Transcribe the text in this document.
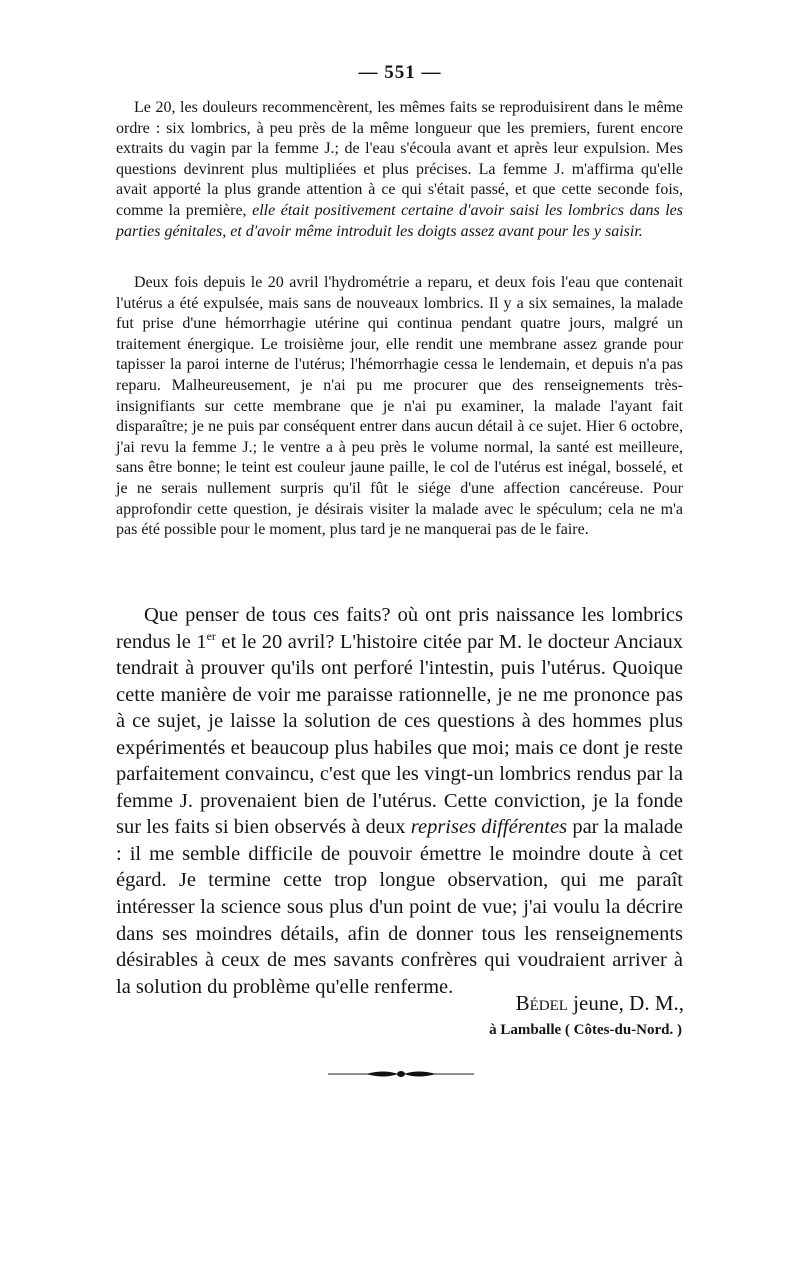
— 551 —

Le 20, les douleurs recommencèrent, les mêmes faits se reproduisirent dans le même ordre : six lombrics, à peu près de la même longueur que les premiers, furent encore extraits du vagin par la femme J.; de l'eau s'écoula avant et après leur expulsion. Mes questions devinrent plus multipliées et plus précises. La femme J. m'affirma qu'elle avait apporté la plus grande attention à ce qui s'était passé, et que cette seconde fois, comme la première, elle était positivement certaine d'avoir saisi les lombrics dans les parties génitales, et d'avoir même introduit les doigts assez avant pour les y saisir.

Deux fois depuis le 20 avril l'hydrométrie a reparu, et deux fois l'eau que contenait l'utérus a été expulsée, mais sans de nouveaux lombrics. Il y a six semaines, la malade fut prise d'une hémorrhagie utérine qui continua pendant quatre jours, malgré un traitement énergique. Le troisième jour, elle rendit une membrane assez grande pour tapisser la paroi interne de l'utérus; l'hémorrhagie cessa le lendemain, et depuis n'a pas reparu. Malheureusement, je n'ai pu me procurer que des renseignements très-insignifiants sur cette membrane que je n'ai pu examiner, la malade l'ayant fait disparaître; je ne puis par conséquent entrer dans aucun détail à ce sujet. Hier 6 octobre, j'ai revu la femme J.; le ventre a à peu près le volume normal, la santé est meilleure, sans être bonne; le teint est couleur jaune paille, le col de l'utérus est inégal, bosselé, et je ne serais nullement surpris qu'il fût le siége d'une affection cancéreuse. Pour approfondir cette question, je désirais visiter la malade avec le spéculum; cela ne m'a pas été possible pour le moment, plus tard je ne manquerai pas de le faire.

Que penser de tous ces faits? où ont pris naissance les lombrics rendus le 1er et le 20 avril? L'histoire citée par M. le docteur Anciaux tendrait à prouver qu'ils ont perforé l'intestin, puis l'utérus. Quoique cette manière de voir me paraisse rationnelle, je ne me prononce pas à ce sujet, je laisse la solution de ces questions à des hommes plus expérimentés et beaucoup plus habiles que moi; mais ce dont je reste parfaitement convaincu, c'est que les vingt-un lombrics rendus par la femme J. provenaient bien de l'utérus. Cette conviction, je la fonde sur les faits si bien observés à deux reprises différentes par la malade : il me semble difficile de pouvoir émettre le moindre doute à cet égard. Je termine cette trop longue observation, qui me paraît intéresser la science sous plus d'un point de vue; j'ai voulu la décrire dans ses moindres détails, afin de donner tous les renseignements désirables à ceux de mes savants confrères qui voudraient arriver à la solution du problème qu'elle renferme.

Bédel jeune, D. M.,
à Lamballe ( Côtes-du-Nord. )
